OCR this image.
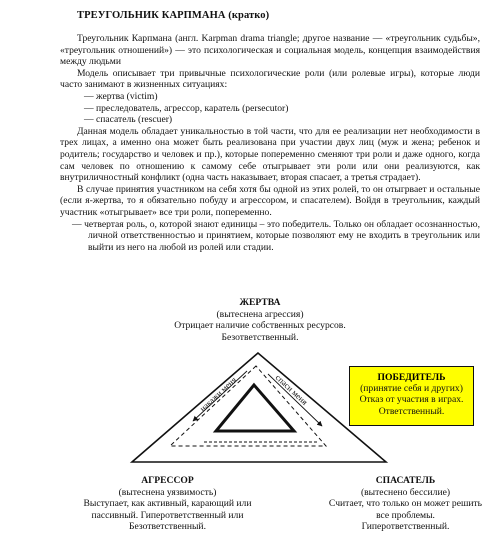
ТРЕУГОЛЬНИК КАРПМАНА (кратко)

Треугольник Карпмана (англ. Karpman drama triangle; другое название — «треугольник судьбы», «треугольник отношений») — это психологическая и социальная модель, концепция взаимодействия между людьми

Модель описывает три привычные психологические роли (или ролевые игры), которые люди часто занимают в жизненных ситуациях:

— жертва (victim)

— преследователь, агрессор, каратель (persecutor)

— спасатель (rescuer)

Данная модель обладает уникальностью в той части, что для ее реализации нет необходимости в трех лицах, а именно она может быть реализована при участии двух лиц (муж и жена; ребенок и родитель; государство и человек и пр.), которые попеременно сменяют три роли и даже одного, когда сам человек по отношению к самому себе отыгрывает эти роли или они реализуются, как внутриличностный конфликт (одна часть наказывает, вторая спасает, а третья страдает).

В случае принятия участником на себя хотя бы одной из этих ролей, то он отыгрвает и остальные (если я-жертва, то я обязательно побуду и агрессором, и спасателем). Войдя в треугольник, каждый участник «отыгрывает» все три роли, попеременно.

— четвертая роль, о, которой знают единицы – это победитель. Только он обладает осознанностью, личной ответственностью и принятием, которые позволяют ему не входить в треугольник или выйти из него на любой из ролей или стадии.

накажи меня	спаси меня
ЖЕРТВА
(вытеснена агрессия)
Отрицает наличие собственных ресурсов.
Безответственный.
ПОБЕДИТЕЛЬ
(принятие себя и других)
Отказ от участия в играх.
Ответственный.
АГРЕССОР
(вытеснена уязвимость)
Выступает, как активный, карающий или
пассивный. Гиперответственный или
Безответственный.
СПАСАТЕЛЬ
(вытеснено бессилие)
Считает, что только он может решить
все проблемы.
Гиперответственный.
